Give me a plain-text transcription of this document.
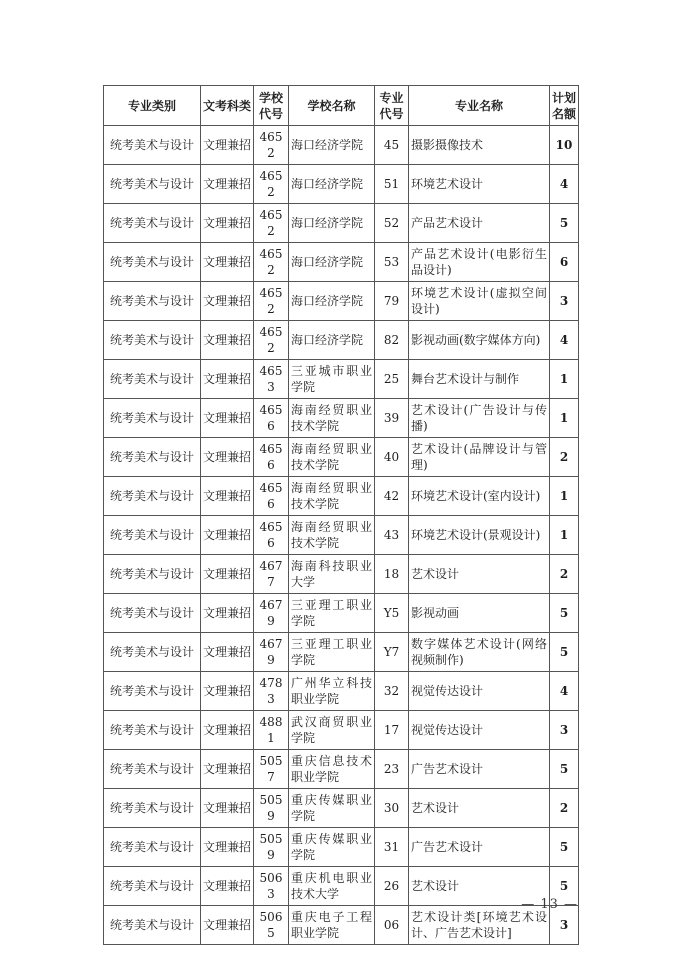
专业类别	文考科类	学校代号	学校名称	专业代号	专业名称	计划名额
统考美术与设计	文理兼招	4652	海口经济学院	45	摄影摄像技术	10
统考美术与设计	文理兼招	4652	海口经济学院	51	环境艺术设计	4
统考美术与设计	文理兼招	4652	海口经济学院	52	产品艺术设计	5
统考美术与设计	文理兼招	4652	海口经济学院	53	产品艺术设计(电影衍生品设计)	6
统考美术与设计	文理兼招	4652	海口经济学院	79	环境艺术设计(虚拟空间设计)	3
统考美术与设计	文理兼招	4652	海口经济学院	82	影视动画(数字媒体方向)	4
统考美术与设计	文理兼招	4653	三亚城市职业学院	25	舞台艺术设计与制作	1
统考美术与设计	文理兼招	4656	海南经贸职业技术学院	39	艺术设计(广告设计与传播)	1
统考美术与设计	文理兼招	4656	海南经贸职业技术学院	40	艺术设计(品牌设计与管理)	2
统考美术与设计	文理兼招	4656	海南经贸职业技术学院	42	环境艺术设计(室内设计)	1
统考美术与设计	文理兼招	4656	海南经贸职业技术学院	43	环境艺术设计(景观设计)	1
统考美术与设计	文理兼招	4677	海南科技职业大学	18	艺术设计	2
统考美术与设计	文理兼招	4679	三亚理工职业学院	Y5	影视动画	5
统考美术与设计	文理兼招	4679	三亚理工职业学院	Y7	数字媒体艺术设计(网络视频制作)	5
统考美术与设计	文理兼招	4783	广州华立科技职业学院	32	视觉传达设计	4
统考美术与设计	文理兼招	4881	武汉商贸职业学院	17	视觉传达设计	3
统考美术与设计	文理兼招	5057	重庆信息技术职业学院	23	广告艺术设计	5
统考美术与设计	文理兼招	5059	重庆传媒职业学院	30	艺术设计	2
统考美术与设计	文理兼招	5059	重庆传媒职业学院	31	广告艺术设计	5
统考美术与设计	文理兼招	5063	重庆机电职业技术大学	26	艺术设计	5
统考美术与设计	文理兼招	5065	重庆电子工程职业学院	06	艺术设计类[环境艺术设计、广告艺术设计]	3
— 13 —
